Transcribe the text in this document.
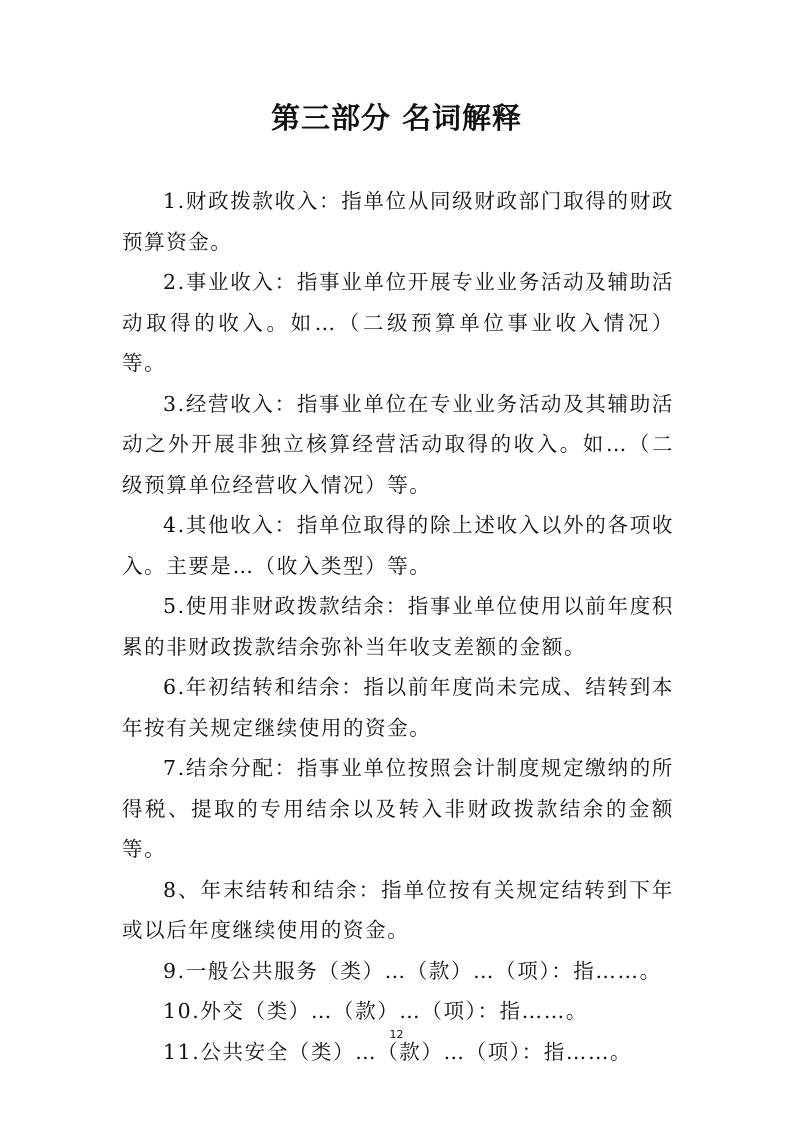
第三部分 名词解释

1.财政拨款收入：指单位从同级财政部门取得的财政预算资金。

2.事业收入：指事业单位开展专业业务活动及辅助活动取得的收入。如…（二级预算单位事业收入情况）等。

3.经营收入：指事业单位在专业业务活动及其辅助活动之外开展非独立核算经营活动取得的收入。如…（二级预算单位经营收入情况）等。

4.其他收入：指单位取得的除上述收入以外的各项收入。主要是…（收入类型）等。

5.使用非财政拨款结余：指事业单位使用以前年度积累的非财政拨款结余弥补当年收支差额的金额。

6.年初结转和结余：指以前年度尚未完成、结转到本年按有关规定继续使用的资金。

7.结余分配：指事业单位按照会计制度规定缴纳的所得税、提取的专用结余以及转入非财政拨款结余的金额等。

8、年末结转和结余：指单位按有关规定结转到下年或以后年度继续使用的资金。

9.一般公共服务（类）…（款）…（项）：指……。

10.外交（类）…（款）…（项）：指……。

11.公共安全（类）…（款）…（项）：指……。

12
